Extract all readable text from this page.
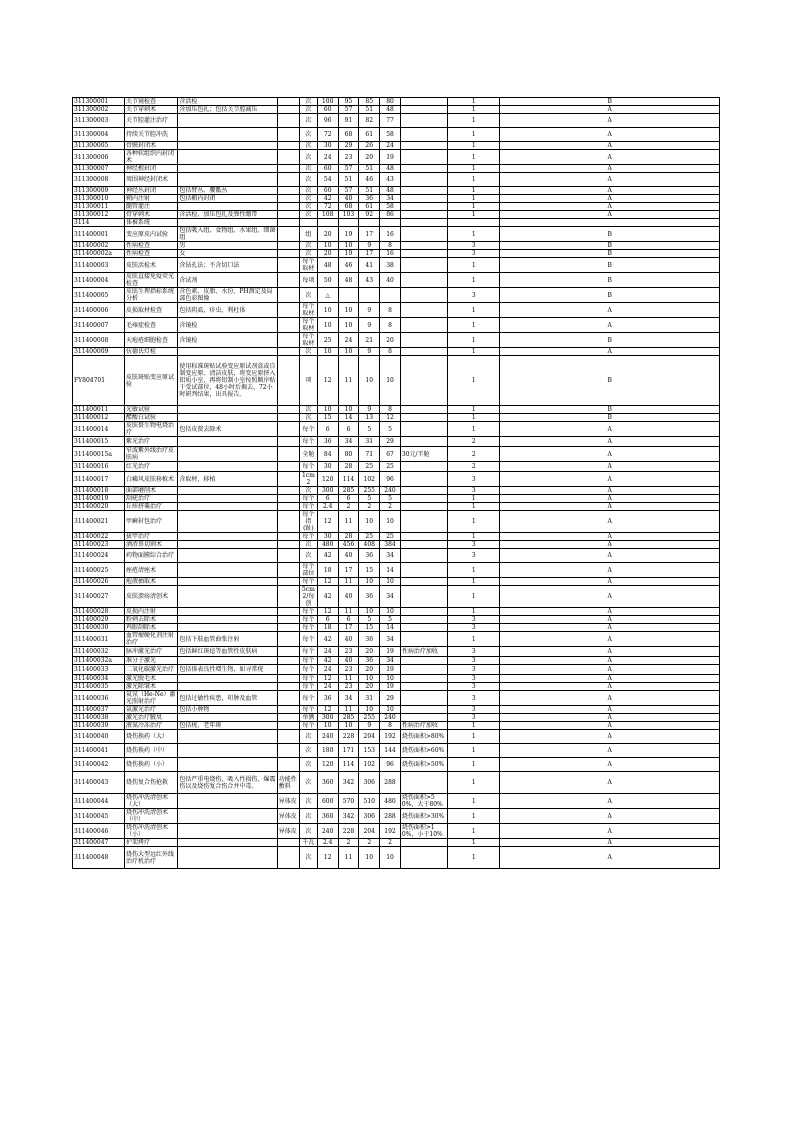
311300001	关节镜检查	含活检		次	100	95	85	80		1	B
311300002	关节穿刺术	含加压包扎；包括关节腔减压		次	60	57	51	48		1	A
311300003	关节腔灌注治疗			次	96	91	82	77		1	A
311300004	持续关节腔冲洗			次	72	68	61	58		1	A
311300005	骨膜封闭术			次	30	29	26	24		1	A
311300006	各种软组织内封闭术			次	24	23	20	19		1	A
311300007	神经根封闭			次	60	57	51	48		1	A
311300008	周围神经封闭术			次	54	51	46	43		1	A
311300009	神经丛封闭	包括臂丛、腰骶丛		次	60	57	51	48		1	A
311300010	鞘内注射	包括鞘内封闭		次	42	40	36	34		1	A
311300011	髓管灌注			次	72	68	61	58		1	A
311300012	骨穿刺术	含活检、加压包扎及弹性绷带		次	108	103	92	86		1	A
3114	体被系统										
311400001	变应原皮内试验	包括吸入组、食物组、水果组、细菌组		组	20	19	17	16		1	B
311400002	性病检查	男		次	10	10	9	8		3	B
311400002a	性病检查	女		次	20	19	17	16		3	B
311400003	皮肤活检术	含钻孔法；不含切口法		每个取材	48	46	41	38		1	B
311400004	皮肤直接免疫荧光检查	含试剂		每项	50	48	43	40		1	B
311400005	皮肤生理指标系统分析	含色素、皮脂、水份、PH测定及局部色彩图像		次	△					3	B
311400006	皮损取材检查	包括阴虱、疥虫、利杜体		每个取材	10	10	9	8		1	A
311400007	毛雍症检查	含镜检		每个取材	10	10	9	8		1	A
311400008	天疱疮细胞检查	含镜检		每个取材	25	24	21	20		1	B
311400009	伍德氏灯检			次	10	10	9	8		1	A
FY804701	皮肤斑贴变应原试验	使用标准斑贴试验变应原试剂盒或自制变应原。清洁皮肤，将变应原挤入铝质小室，再将铝制小室按照顺序贴于受试部位，48小时后揭去，72小时研判结果，出具报告。		项	12	11	10	10		1	B
311400011	光敏试验			次	10	10	9	8		1	B
311400012	醋酸白试验			次	15	14	13	12		1	B
311400014	皮肤赘生物电烧治疗	包括皮赘去除术		每个	6	6	5	5		1	A
311400015	紫光治疗			每个	36	34	31	29		2	A
311400015a	窄波紫外线治疗皮肤病			全舱	84	80	71	67	30元/半舱	2	A
311400016	红光治疗			每个	30	28	25	25		2	A
311400017	白癜风皮肤移植术	含取材、移植		1cm2	120	114	102	96		3	A
311400018	面部磨削术			次	300	285	255	240		3	A
311400019	刮疣治疗			每个	6	6	5	5		1	A
311400020	丘疹挤粟治疗			每个	2.4	2	2	2		1	A
311400021	甲癣封包治疗			每个指(趾)	12	11	10	10		1	A
311400022	拔甲治疗			每个	30	28	25	25		1	A
311400023	酒渣鼻切割术			次	480	456	408	384		3	A
311400024	药物面膜综合治疗			次	42	40	36	34		3	A
311400025	痤疮清痤术			每个部位	18	17	15	14		1	A
311400026	疱液抽取术			每个	12	11	10	10		1	A
311400027	皮肤溃疡清创术			5cm2/每创	42	40	36	34		1	A
311400028	皮损内注射			每个	12	11	10	10		1	A
311400029	粉刺去除术			每个	6	6	5	5		3	A
311400030	鸡眼刮除术			每个	18	17	15	14		3	A
311400031	血管瘤硬化剂注射治疗	包括下肢血管曲张注射		每个	42	40	36	34		1	A
311400032	脉冲激光治疗	包括鲜红斑痣等血管性皮肤病		每个	24	23	20	19	性病治疗加收	3	A
311400032a	准分子激光			每个	42	40	36	34		3	A
311400033	二氧化碳激光治疗	包括体表良性增生物，如寻常疣		每个	24	23	20	19		3	A
311400034	激光脱毛术			每个	12	11	10	10		3	A
311400035	激光除皱术			每个	24	23	20	19		3	A
311400036	氦氖（He-Ne）激光照射治疗	包括过敏性疾患，印肿及血管		每个	36	34	31	29		3	A
311400037	氩激光治疗	包括小肿物		每个	12	11	10	10		3	A
311400038	激光治疗腋臭			单侧	300	285	255	240		3	A
311400039	液氮冷冻治疗	包括疣、老年斑		每个	10	10	9	8	性病治疗加收	1	A
311400040	烧伤换药（大）			次	240	228	204	192	烧伤面积>80%	1	A
311400041	烧伤换药（中）			次	180	171	153	144	烧伤面积>60%	1	A
311400042	烧伤换药（小）			次	120	114	102	96	烧伤面积>50%	1	A
311400043	烧伤复合伤抢救	包括严重电烧伤、吸入性损伤、爆震伤以及烧伤复合伤合并中毒。	功能性敷料	次	360	342	306	288		1	A
311400044	烧伤冲洗清创术（大）		异体皮	次	600	570	510	480	烧伤面积>50%，大于80%	1	A
311400045	烧伤冲洗清创术（中）		异体皮	次	360	342	306	288	烧伤面积>30%	1	A
311400046	烧伤冲洗清创术（小）		异体皮	次	240	228	204	192	烧伤面积>10%，小于10%	1	A
311400047	护架烤疗			千瓦	2.4	2	2	2		1	A
311400048	烧伤大型远红外线治疗机治疗			次	12	11	10	10		1	A
